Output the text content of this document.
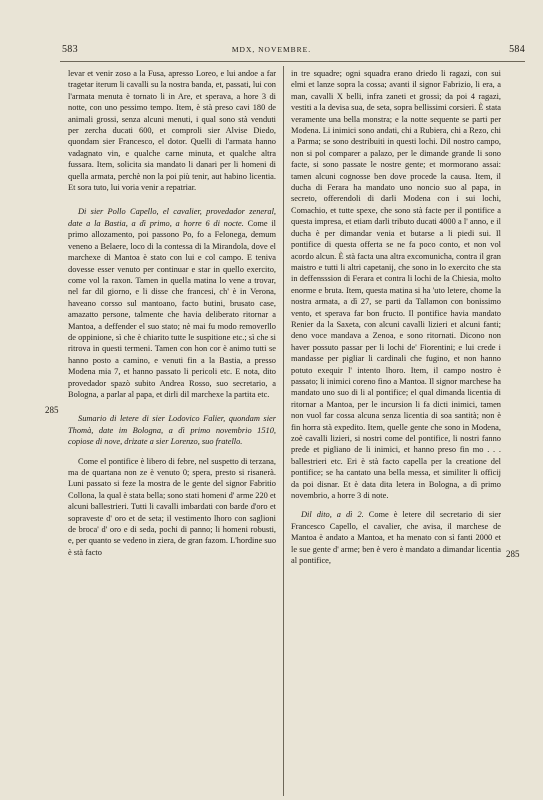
583	MDX, NOVEMBRE.	584
285
285

levar et venir zoso a la Fusa, apresso Loreo, e lui andoe a far tragetar iterum li cavalli su la nostra banda, et, passati, lui con l'armata menuta è tornato li in Are, et sperava, a hore 3 di notte, con uno pessimo tempo. Item, è stà preso cavi 180 de animali grossi, senza alcuni menuti, i qual sono stà venduti per zercha ducati 600, et comproli sier Alvise Diedo, quondam sier Francesco, el dotor. Quelli di l'armata hanno vadagnato vin, e qualche carne minuta, et qualche altra fussara. Item, solicita sia mandato li danari per li homeni di quella armata, perchè non la poi più tenir, aut habino licentia. Et sora tuto, lui voria venir a repatriar.

Di sier Pollo Capello, el cavalier, provedador zeneral, date a la Bastia, a dì primo, a horre 6 di nocte. Come il primo allozamento, poi passono Po, fo a Felonega, demum veneno a Belaere, loco di la contessa di la Mirandola, dove el marchexe di Mantoa è stato con lui e col campo. E teniva dovesse esser venuto per continuar e star in quello exercito, come vol la raxon. Tamen in quella matina lo vene a trovar, nel far dil giorno, e li disse che francesi, ch' è in Verona, haveano corsso sul mantoano, facto butini, brusato case, amazatto persone, talmente che havia deliberato ritornar a Mantoa, a deffender el suo stato; nè mai fu modo removerllo de oppinione, sì che è chiarito tutte le suspitione etc.; sì che si ritrova in questi termeni. Tamen con hon cor è animo tutti se hanno posto a camino, e venuti fin a la Bastia, a presso Modena mia 7, et hanno passato li pericoli etc. E nota, dito provedador spazò subito Andrea Rosso, suo secretario, a Bologna, a parlar al papa, et dirli dil marchexe la partita etc.

Sumario di letere di sier Lodovico Falier, quondam sier Thomà, date im Bologna, a dì primo novembrio 1510, copiose di nove, drizate a sier Lorenzo, suo fratello.

Come el pontifice è libero di febre, nel suspetto di terzana, ma de quartana non ze è venuto 0; spera, presto si risanerà. Luni passato si feze la mostra de le gente del signor Fabritio Collona, la qual è stata bella; sono stati homeni d' arme 220 et alcuni ballestrieri. Tutti li cavalli imbardati con barde d'oro et sopraveste d' oro et de seta; il vestimento lhoro con saglioni de broca' d' oro e di seda, pochi di panno; li homeni robusti, e, per quanto se vedeno in ziera, de gran fazom. L'hordine suo è stà facto

in tre squadre; ogni squadra erano driedo li ragazi, con sui elmi et lanze sopra la cossa; avanti il signor Fabrizio, li era, a man, cavalli X belli, infra zaneti et grossi; da poi 4 ragazi, vestiti a la devisa sua, de seta, sopra bellissimi corsieri. È stata veramente una bella monstra; e la notte sequente se parti per Modena. Li inimici sono andati, chi a Rubiera, chi a Rezo, chi a Parma; se sono destribuiti in questi lochi. Dil nostro campo, non si pol comparer a palazo, per le dimande grande li sono facte, si sono passate le nostre gente; et mormorano assai: tamen alcuni cognosse ben dove procede la causa. Item, il ducha di Ferara ha mandato uno noncio suo al papa, in secreto, offerendoli di darli Modena con i sui lochi, Comachio, et tutte spexe, che sono stà facte per il pontifice a questa impresa, et etiam darli tributo ducati 4000 a l' anno, e il ducha è per dimandar venia et butarse a li piedi sui. Il pontifice di questa offerta se ne fa poco conto, et non vol acordo alcun. È stà facta una altra excomunicha, contra il gran maistro e tutti li altri capetanij, che sono in lo exercito che sta in deffensssion di Ferara et contra li lochi de la Chiesia, molto enorme e bruta. Item, questa matina si ha 'uto letere, chome la nostra armata, a dì 27, se parti da Tallamon con bonissimo vento, et sperava far bon fructo. Il pontifice havia mandato Renier da la Saxeta, con alcuni cavalli lizieri et alcuni fanti; deno voce mandava a Zenoa, e sono ritornati. Dicono non haver possuto passar per li lochi de' Fiorentini; e lui crede i mandasse per pigliar li cardinali che fugino, et non hanno potuto exequir l' intento lhoro. Item, il campo nostro è passato; li inimici coreno fino a Mantoa. Il signor marchese ha mandato uno suo di li al pontifice; el qual dimanda licentia di ritornar a Mantoa, per le incursion li fa dicti inimici, tamen non vuol far cossa alcuna senza licentia di soa santità; non è fin horra stà expedito. Item, quelle gente che sono in Modena, zoè cavalli lizieri, si nostri come del pontifice, li nostri fanno prede et pigliano de li inimici, et hanno preso fin mo . . . ballestrieri etc. Eri è stà facto capella per la creatione del pontifice; se ha cantato una bella messa, et similiter li officij da poi disnar. Et è data dita letera in Bologna, a dì primo novembrio, a horre 3 di note.

Dil dito, a dì 2. Come è letere dil secretario di sier Francesco Capello, el cavalier, che avisa, il marchese de Mantoa è andato a Mantoa, et ha menato con sì fanti 2000 et le sue gente d' arme; ben è vero è mandato a dimandar licentia al pontifice,
